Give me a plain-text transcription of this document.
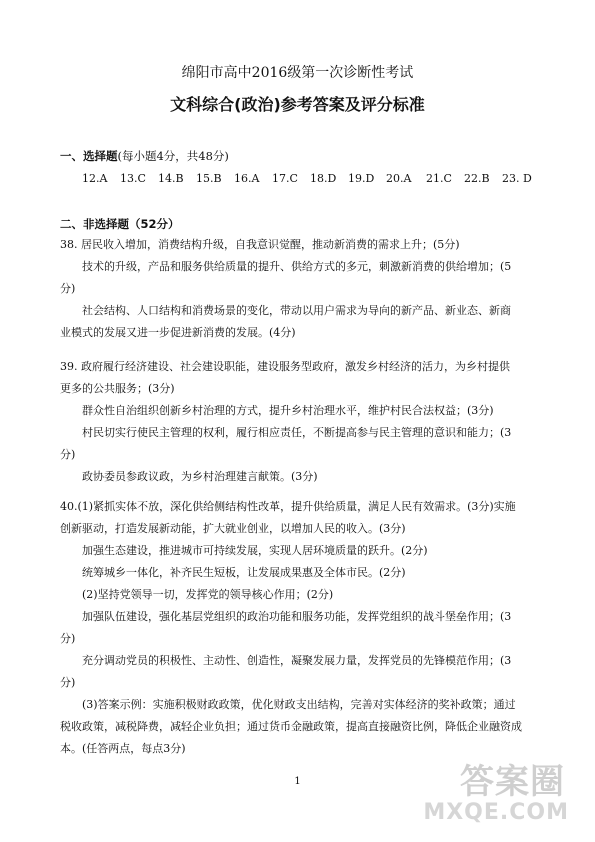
绵阳市高中2016级第一次诊断性考试
文科综合(政治)参考答案及评分标准
一、选择题(每小题4分，共48分)
12.A	13.C	14.B	15.B	16.A	17.C	18.D	19.D	20.A	21.C	22.B	23. D
二、非选择题（52分）
38. 居民收入增加，消费结构升级，自我意识觉醒，推动新消费的需求上升；(5分)
技术的升级，产品和服务供给质量的提升、供给方式的多元，刺激新消费的供给增加；(5
分)
社会结构、人口结构和消费场景的变化，带动以用户需求为导向的新产品、新业态、新商
业模式的发展又进一步促进新消费的发展。(4分)
39. 政府履行经济建设、社会建设职能，建设服务型政府，激发乡村经济的活力，为乡村提供
更多的公共服务；(3分)
群众性自治组织创新乡村治理的方式，提升乡村治理水平，维护村民合法权益；(3分)
村民切实行使民主管理的权利，履行相应责任，不断提高参与民主管理的意识和能力；(3
分)
政协委员参政议政，为乡村治理建言献策。(3分)
40.(1)紧抓实体不放，深化供给侧结构性改革，提升供给质量，满足人民有效需求。(3分)实施
创新驱动，打造发展新动能，扩大就业创业，以增加人民的收入。(3分)
加强生态建设，推进城市可持续发展，实现人居环境质量的跃升。(2分)
统筹城乡一体化，补齐民生短板，让发展成果惠及全体市民。(2分)
(2)坚持党领导一切，发挥党的领导核心作用；(2分)
加强队伍建设，强化基层党组织的政治功能和服务功能，发挥党组织的战斗堡垒作用；(3
分)
充分调动党员的积极性、主动性、创造性，凝聚发展力量，发挥党员的先锋模范作用；(3
分)
(3)答案示例：实施积极财政政策，优化财政支出结构，完善对实体经济的奖补政策；通过
税收政策，减税降费，减轻企业负担；通过货币金融政策，提高直接融资比例，降低企业融资成
本。(任答两点，每点3分)
1	答案圈
MXQE.COM
